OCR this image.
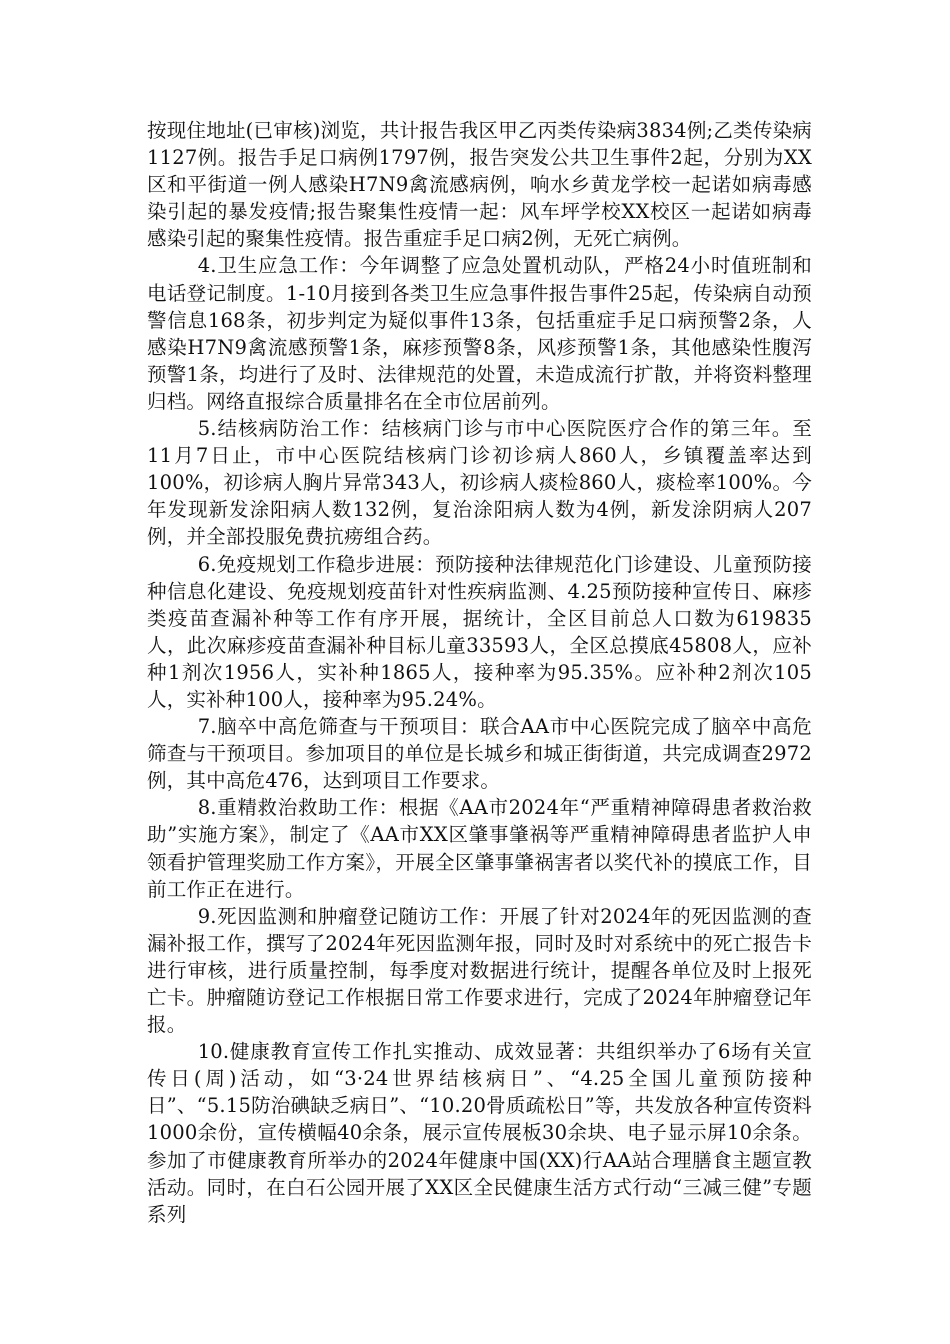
按现住地址(已审核)浏览，共计报告我区甲乙丙类传染病3834例;乙类传染病1127例。报告手足口病例1797例，报告突发公共卫生事件2起，分别为XX区和平街道一例人感染H7N9禽流感病例，响水乡黄龙学校一起诺如病毒感染引起的暴发疫情;报告聚集性疫情一起：风车坪学校XX校区一起诺如病毒感染引起的聚集性疫情。报告重症手足口病2例，无死亡病例。

4.卫生应急工作：今年调整了应急处置机动队，严格24小时值班制和电话登记制度。1-10月接到各类卫生应急事件报告事件25起，传染病自动预警信息168条，初步判定为疑似事件13条，包括重症手足口病预警2条，人感染H7N9禽流感预警1条，麻疹预警8条，风疹预警1条，其他感染性腹泻预警1条，均进行了及时、法律规范的处置，未造成流行扩散，并将资料整理归档。网络直报综合质量排名在全市位居前列。

5.结核病防治工作：结核病门诊与市中心医院医疗合作的第三年。至11月7日止，市中心医院结核病门诊初诊病人860人，乡镇覆盖率达到100%，初诊病人胸片异常343人，初诊病人痰检860人，痰检率100%。今年发现新发涂阳病人数132例，复治涂阳病人数为4例，新发涂阴病人207例，并全部投服免费抗痨组合药。

6.免疫规划工作稳步进展：预防接种法律规范化门诊建设、儿童预防接种信息化建设、免疫规划疫苗针对性疾病监测、4.25预防接种宣传日、麻疹类疫苗查漏补种等工作有序开展，据统计，全区目前总人口数为619835人，此次麻疹疫苗查漏补种目标儿童33593人，全区总摸底45808人，应补种1剂次1956人，实补种1865人，接种率为95.35%。应补种2剂次105人，实补种100人，接种率为95.24%。

7.脑卒中高危筛查与干预项目：联合AA市中心医院完成了脑卒中高危筛查与干预项目。参加项目的单位是长城乡和城正街街道，共完成调查2972例，其中高危476，达到项目工作要求。

8.重精救治救助工作：根据《AA市2024年“严重精神障碍患者救治救助”实施方案》，制定了《AA市XX区肇事肇祸等严重精神障碍患者监护人申领看护管理奖励工作方案》，开展全区肇事肇祸害者以奖代补的摸底工作，目前工作正在进行。

9.死因监测和肿瘤登记随访工作：开展了针对2024年的死因监测的查漏补报工作，撰写了2024年死因监测年报，同时及时对系统中的死亡报告卡进行审核，进行质量控制，每季度对数据进行统计，提醒各单位及时上报死亡卡。肿瘤随访登记工作根据日常工作要求进行，完成了2024年肿瘤登记年报。

10.健康教育宣传工作扎实推动、成效显著：共组织举办了6场有关宣传日(周)活动，如“3·24世界结核病日”、“4.25全国儿童预防接种日”、“5.15防治碘缺乏病日”、“10.20骨质疏松日”等，共发放各种宣传资料1000余份，宣传横幅40余条，展示宣传展板30余块、电子显示屏10余条。参加了市健康教育所举办的2024年健康中国(XX)行AA站合理膳食主题宣教活动。同时，在白石公园开展了XX区全民健康生活方式行动“三减三健”专题系列
